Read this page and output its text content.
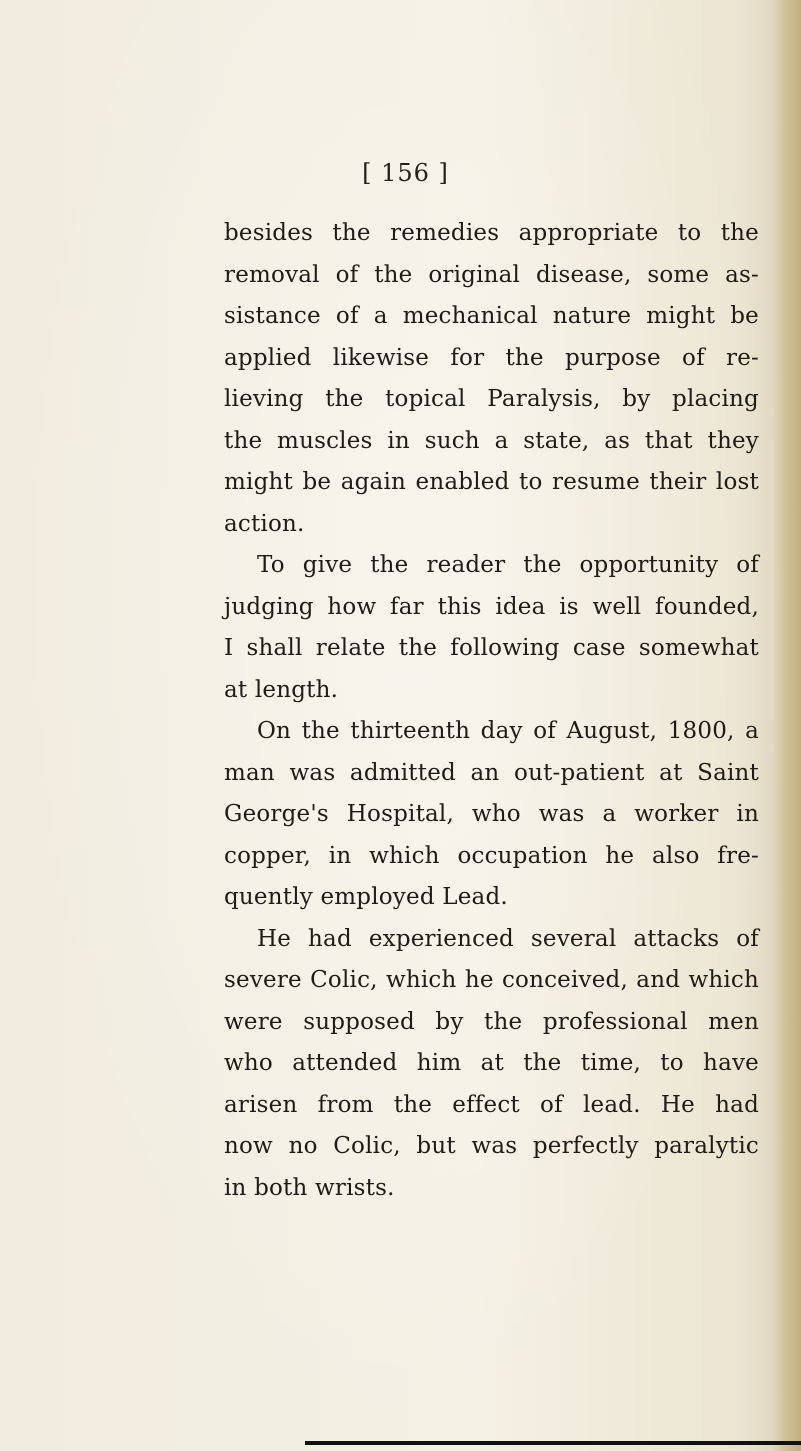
[ 156 ]
besides the remedies appropriate to the
removal of the original disease, some as-
sistance of a mechanical nature might be
applied likewise for the purpose of re-
lieving the topical Paralysis, by placing
the muscles in such a state, as that they
might be again enabled to resume their lost
action.
To give the reader the opportunity of
judging how far this idea is well founded,
I shall relate the following case somewhat
at length.
On the thirteenth day of August, 1800, a
man was admitted an out-patient at Saint
George's Hospital, who was a worker in
copper, in which occupation he also fre-
quently employed Lead.
He had experienced several attacks of
severe Colic, which he conceived, and which
were supposed by the professional men
who attended him at the time, to have
arisen from the effect of lead. He had
now no Colic, but was perfectly paralytic
in both wrists.
